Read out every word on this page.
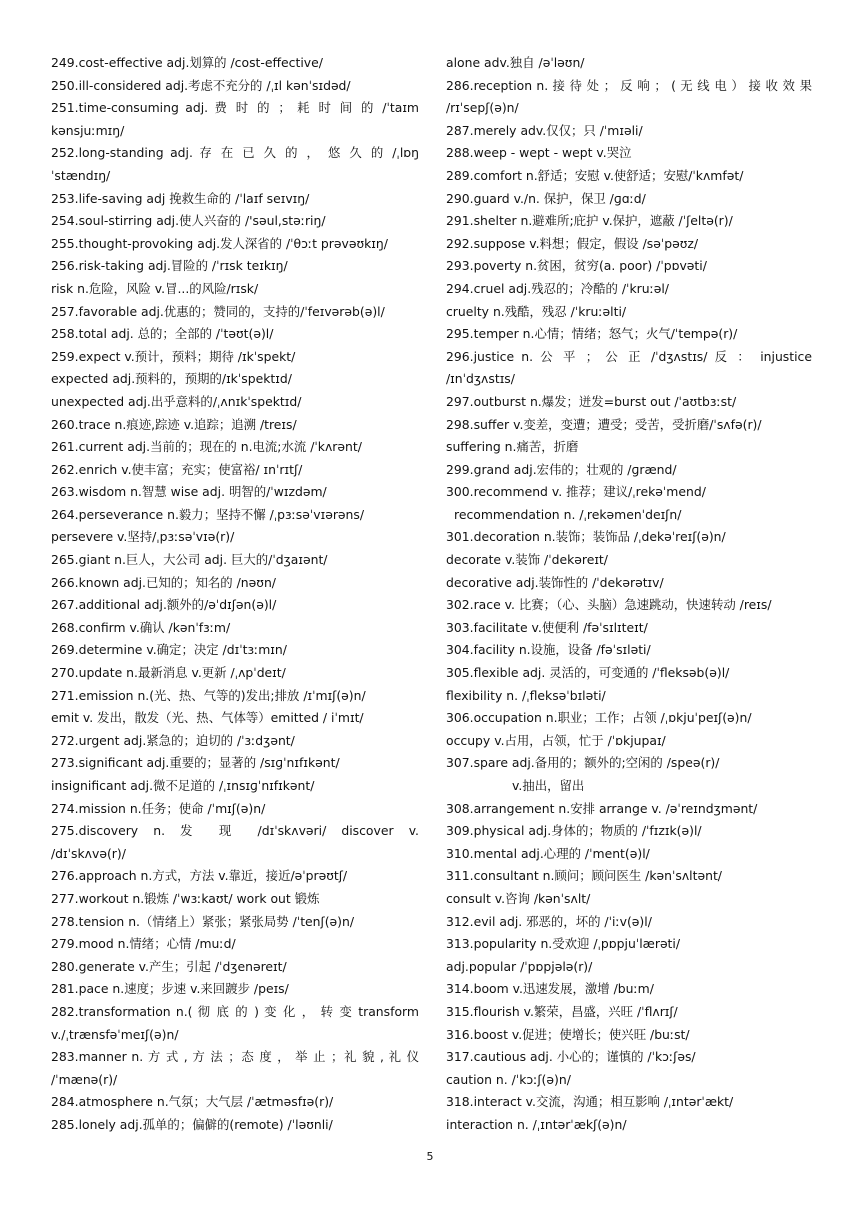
249.cost-effective adj.划算的 /cost-effective/
250.ill-considered adj.考虑不充分的 /ˌɪl kənˈsɪdəd/
251.time-consuming adj. 费 时 的 ； 耗 时 间 的 /ˈtaɪm
kənsjuːmɪŋ/
252.long-standing adj. 存 在 已 久 的 ， 悠 久 的 /ˌlɒŋ
ˈstændɪŋ/
253.life-saving adj 挽救生命的 /ˈlaɪf seɪvɪŋ/
254.soul-stirring adj.使人兴奋的 /'səul,stəːriŋ/
255.thought-provoking adj.发人深省的 /ˈθɔːt prəvəʊkɪŋ/
256.risk-taking adj.冒险的 /ˈrɪsk teɪkɪŋ/
risk n.危险，风险 v.冒...的风险/rɪsk/
257.favorable adj.优惠的；赞同的，支持的/ˈfeɪvərəb(ə)l/
258.total adj. 总的；全部的 /ˈtəʊt(ə)l/
259.expect v.预计，预料；期待 /ɪkˈspekt/
expected adj.预料的，预期的/ɪkˈspektɪd/
unexpected adj.出乎意料的/ˌʌnɪkˈspektɪd/
260.trace n.痕迹,踪迹 v.追踪；追溯 /treɪs/
261.current adj.当前的；现在的 n.电流;水流 /ˈkʌrənt/
262.enrich v.使丰富；充实；使富裕/ ɪnˈrɪtʃ/
263.wisdom n.智慧 wise adj. 明智的/ˈwɪzdəm/
264.perseverance n.毅力；坚持不懈 /ˌpɜːsəˈvɪərəns/
persevere v.坚持/ˌpɜːsəˈvɪə(r)/
265.giant n.巨人，大公司 adj. 巨大的/ˈdʒaɪənt/
266.known adj.已知的；知名的 /nəʊn/
267.additional adj.额外的/əˈdɪʃən(ə)l/
268.confirm v.确认 /kənˈfɜːm/
269.determine v.确定；决定 /dɪˈtɜːmɪn/
270.update n.最新消息 v.更新 /ˌʌpˈdeɪt/
271.emission n.(光、热、气等的)发出;排放 /ɪˈmɪʃ(ə)n/
emit v. 发出，散发（光、热、气体等）emitted / iˈmɪt/
272.urgent adj.紧急的；迫切的 /ˈɜːdʒənt/
273.significant adj.重要的；显著的 /sɪɡˈnɪfɪkənt/
insignificant adj.微不足道的 /ˌɪnsɪɡˈnɪfɪkənt/
274.mission n.任务；使命 /ˈmɪʃ(ə)n/
275.discovery n. 发 现 /dɪˈskʌvəri/ discover v.
/dɪˈskʌvə(r)/
276.approach n.方式，方法 v.靠近，接近/əˈprəʊtʃ/
277.workout n.锻炼 /ˈwɜːkaʊt/ work out 锻炼
278.tension n.（情绪上）紧张；紧张局势 /ˈtenʃ(ə)n/
279.mood n.情绪；心情 /muːd/
280.generate v.产生；引起 /ˈdʒenəreɪt/
281.pace n.速度；步速 v.来回踱步 /peɪs/
282.transformation n.( 彻 底 的 ) 变 化 ， 转 变 transform
v./ˌtrænsfəˈmeɪʃ(ə)n/
283.manner n. 方 式 , 方 法 ；态 度 ， 举 止 ；礼 貌 , 礼 仪
/ˈmænə(r)/
284.atmosphere n.气氛；大气层 /ˈætməsfɪə(r)/
285.lonely adj.孤单的；偏僻的(remote) /ˈləʊnli/
alone adv.独自 /əˈləʊn/
286.reception n. 接 待 处 ； 反 响 ； ( 无 线 电 ） 接 收 效 果
/rɪˈsepʃ(ə)n/
287.merely adv.仅仅；只 /ˈmɪəli/
288.weep - wept - wept v.哭泣
289.comfort n.舒适；安慰 v.使舒适；安慰/ˈkʌmfət/
290.guard v./n. 保护，保卫 /ɡɑːd/
291.shelter n.避难所;庇护 v.保护，遮蔽 /ˈʃeltə(r)/
292.suppose v.料想；假定，假设 /səˈpəʊz/
293.poverty n.贫困，贫穷(a. poor) /ˈpɒvəti/
294.cruel adj.残忍的；冷酷的 /ˈkruːəl/
cruelty n.残酷，残忍 /ˈkruːəlti/
295.temper n.心情；情绪；怒气；火气/ˈtempə(r)/
296.justice n. 公 平 ； 公 正 /ˈdʒʌstɪs/ 反 ： injustice
/ɪnˈdʒʌstɪs/
297.outburst n.爆发；迸发=burst out /ˈaʊtbɜːst/
298.suffer v.变差，变遭；遭受；受苦，受折磨/ˈsʌfə(r)/
suffering n.痛苦，折磨
299.grand adj.宏伟的；壮观的 /ɡrænd/
300.recommend v. 推荐；建议/ˌrekəˈmend/
recommendation n. /ˌrekəmenˈdeɪʃn/
301.decoration n.装饰；装饰品 /ˌdekəˈreɪʃ(ə)n/
decorate v.装饰 /ˈdekəreɪt/
decorative adj.装饰性的 /ˈdekərətɪv/
302.race v. 比赛；（心、头脑）急速跳动，快速转动 /reɪs/
303.facilitate v.使便利 /fəˈsɪlɪteɪt/
304.facility n.设施，设备 /fəˈsɪləti/
305.flexible adj. 灵活的，可变通的 /ˈfleksəb(ə)l/
flexibility n. /ˌfleksəˈbɪləti/
306.occupation n.职业；工作；占领 /ˌɒkjuˈpeɪʃ(ə)n/
occupy v.占用，占领，忙于 /ˈɒkjupaɪ/
307.spare adj.备用的；额外的;空闲的 /speə(r)/
v.抽出，留出
308.arrangement n.安排 arrange v. /əˈreɪndʒmənt/
309.physical adj.身体的；物质的 /ˈfɪzɪk(ə)l/
310.mental adj.心理的 /ˈment(ə)l/
311.consultant n.顾问；顾问医生 /kənˈsʌltənt/
consult v.咨询 /kənˈsʌlt/
312.evil adj. 邪恶的，坏的 /ˈiːv(ə)l/
313.popularity n.受欢迎 /ˌpɒpjuˈlærəti/
adj.popular /ˈpɒpjələ(r)/
314.boom v.迅速发展，激增 /buːm/
315.flourish v.繁荣，昌盛，兴旺 /ˈflʌrɪʃ/
316.boost v.促进；使增长；使兴旺 /buːst/
317.cautious adj. 小心的；谨慎的 /ˈkɔːʃəs/
caution n. /ˈkɔːʃ(ə)n/
318.interact v.交流，沟通；相互影响 /ˌɪntərˈækt/
interaction n. /ˌɪntərˈækʃ(ə)n/
5
